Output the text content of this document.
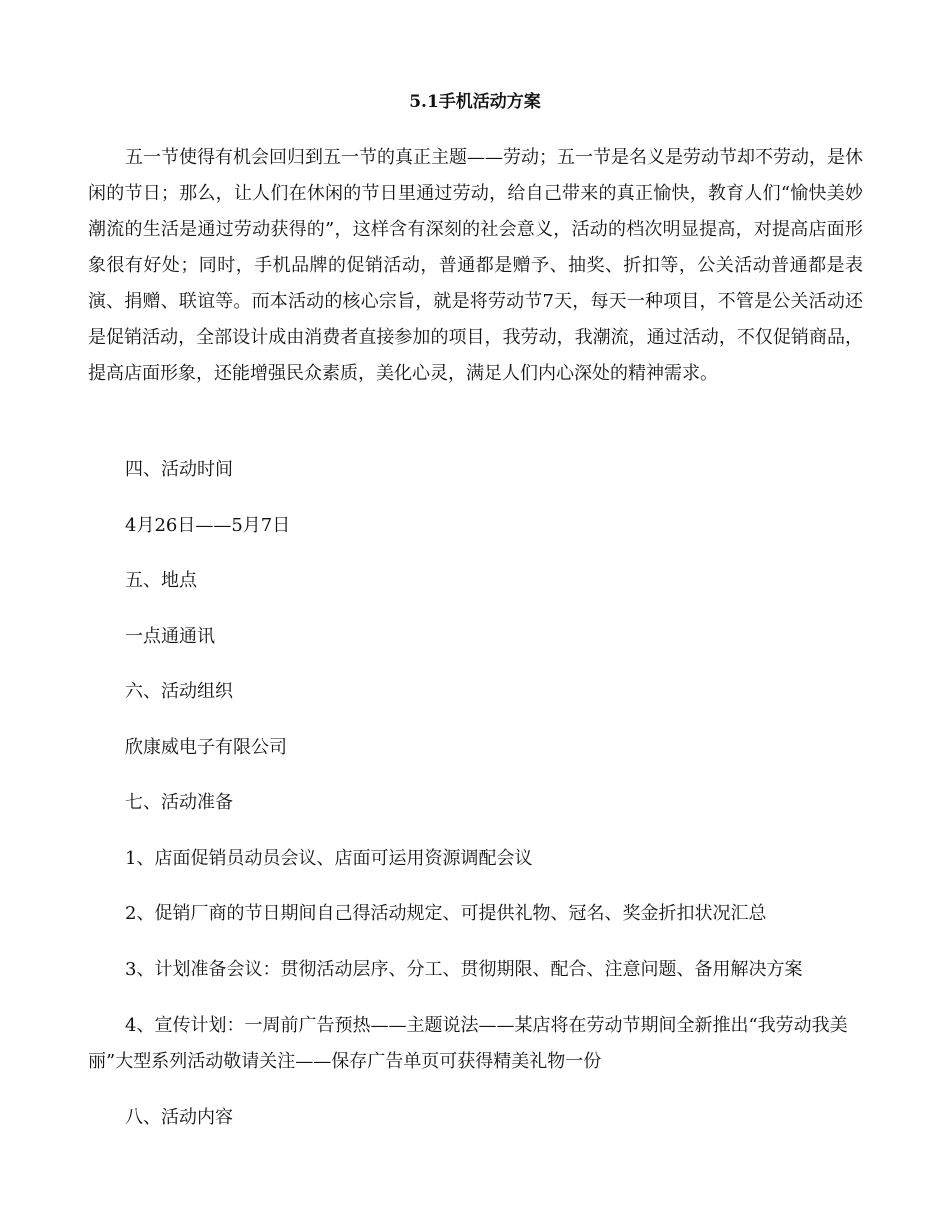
5.1手机活动方案

五一节使得有机会回归到五一节的真正主题——劳动；五一节是名义是劳动节却不劳动，是休闲的节日；那么，让人们在休闲的节日里通过劳动，给自己带来的真正愉快，教育人们“愉快美妙潮流的生活是通过劳动获得的”，这样含有深刻的社会意义，活动的档次明显提高，对提高店面形象很有好处；同时，手机品牌的促销活动，普通都是赠予、抽奖、折扣等，公关活动普通都是表演、捐赠、联谊等。而本活动的核心宗旨，就是将劳动节7天，每天一种项目，不管是公关活动还是促销活动，全部设计成由消费者直接参加的项目，我劳动，我潮流，通过活动，不仅促销商品，提高店面形象，还能增强民众素质，美化心灵，满足人们内心深处的精神需求。

四、活动时间

4月26日——5月7日

五、地点

一点通通讯

六、活动组织

欣康威电子有限公司

七、活动准备

1、店面促销员动员会议、店面可运用资源调配会议

2、促销厂商的节日期间自己得活动规定、可提供礼物、冠名、奖金折扣状况汇总

3、计划准备会议：贯彻活动层序、分工、贯彻期限、配合、注意问题、备用解决方案

4、宣传计划：一周前广告预热——主题说法——某店将在劳动节期间全新推出“我劳动我美丽”大型系列活动敬请关注——保存广告单页可获得精美礼物一份

八、活动内容
